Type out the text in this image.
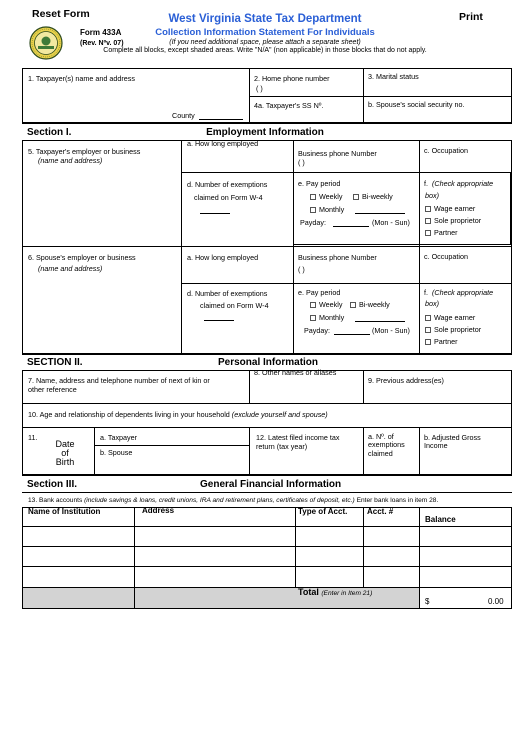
Reset Form	Print
Form 433A
(Rev. Nºv. 07)
West Virginia State Tax Department
Collection Information Statement For Individuals
(If you need additional space, please attach a separate sheet)
Complete all blocks, except shaded areas. Write "N/A" (non applicable) in those blocks that do not apply.
1. Taxpayer(s) name and address
County
2. Home phone number
( )
3. Marital status
4a. Taxpayer's SS Nº.	b. Spouse's social security no.
Section I.	Employment Information
5. Taxpayer's employer or business
(name and address)
a. How long employed
Business phone Number
( )
c. Occupation
d. Number of exemptions
claimed on Form W-4
e. Pay period
Weekly	Bi-weekly
Monthly
Payday:	(Mon - Sun)
f. (Check appropriate
box)
Wage earner
Sole proprietor
Partner
6. Spouse's employer or business
(name and address)
a. How long employed	Business phone Number
( )
c. Occupation
d. Number of exemptions
claimed on Form W-4
e. Pay period
Weekly	Bi-weekly
Monthly
Payday:	(Mon - Sun)
f. (Check appropriate
box)
Wage earner
Sole proprietor
Partner
SECTION II.	Personal Information
7. Name, address and telephone number of next of kin or
other reference
8. Other names or aliases
9. Previous address(es)
10. Age and relationship of dependents living in your household (exclude yourself and spouse)
11.
Date
of
Birth
a. Taxpayer
b. Spouse
12. Latest filed income tax
return (tax year)
a. Nº. of
exemptions
claimed
b. Adjusted Gross
Income
Section III.	General Financial Information
13. Bank accounts (include savings & loans, credit unions, IRA and retirement plans, certificates of deposit, etc.) Enter bank loans in item 28.
Name of Institution	Address	Type of Acct. Acct. #
Balance
Total (Enter in Item 21)
$	0.00
